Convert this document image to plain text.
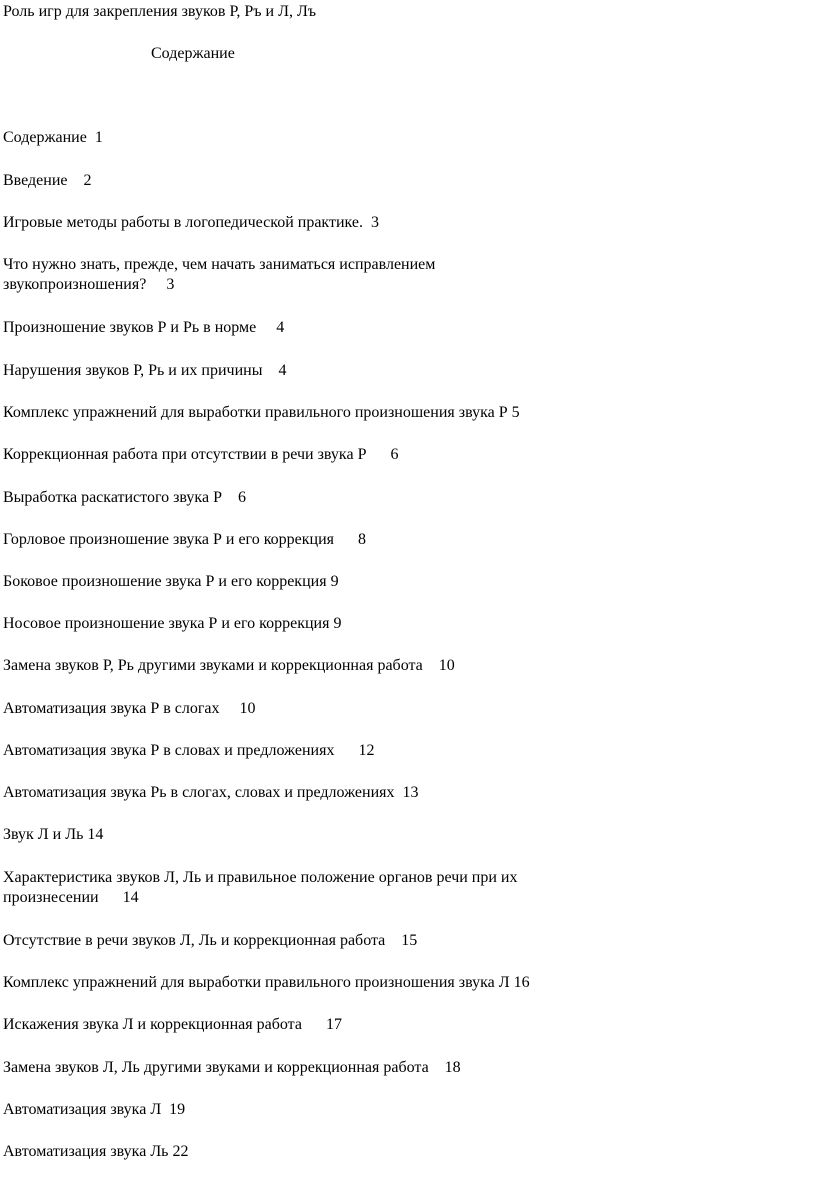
Роль игр для закрепления звуков Р, Ръ и Л, Лъ
Содержание
Содержание  1
Введение    2
Игровые методы работы в логопедической практике.  3
Что нужно знать, прежде, чем начать заниматься исправлением
звукопроизношения?     3
Произношение звуков Р и Рь в норме     4
Нарушения звуков Р, Рь и их причины    4
Комплекс упражнений для выработки правильного произношения звука Р 5
Коррекционная работа при отсутствии в речи звука Р      6
Выработка раскатистого звука Р    6
Горловое произношение звука Р и его коррекция      8
Боковое произношение звука Р и его коррекция 9
Носовое произношение звука Р и его коррекция 9
Замена звуков Р, Рь другими звуками и коррекционная работа    10
Автоматизация звука Р в слогах     10
Автоматизация звука Р в словах и предложениях      12
Автоматизация звука Рь в слогах, словах и предложениях  13
Звук Л и Ль 14
Характеристика звуков Л, Ль и правильное положение органов речи при их
произнесении      14
Отсутствие в речи звуков Л, Ль и коррекционная работа    15
Комплекс упражнений для выработки правильного произношения звука Л 16
Искажения звука Л и коррекционная работа      17
Замена звуков Л, Ль другими звуками и коррекционная работа    18
Автоматизация звука Л  19
Автоматизация звука Ль 22
